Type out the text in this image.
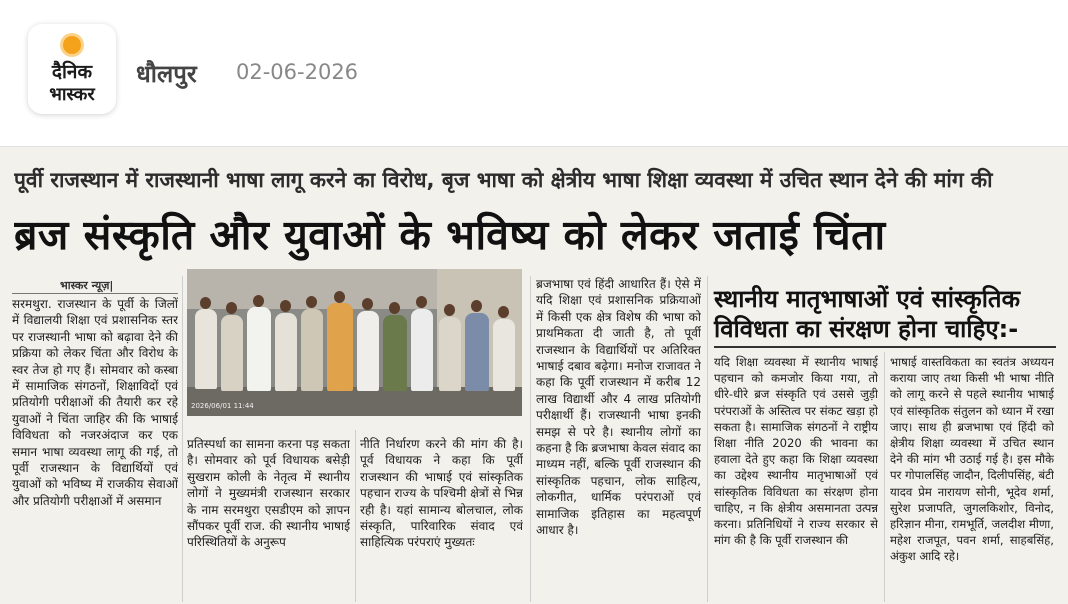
दैनिक
भास्कर
धौलपुर 02-06-2026
पूर्वी राजस्थान में राजस्थानी भाषा लागू करने का विरोध, बृज भाषा को क्षेत्रीय भाषा शिक्षा व्यवस्था में उचित स्थान देने की मांग की
ब्रज संस्कृति और युवाओं के भविष्य को लेकर जताई चिंता
भास्कर न्यूज़|

सरमथुरा. राजस्थान के पूर्वी के जिलों में विद्यालयी शिक्षा एवं प्रशासनिक स्तर पर राजस्थानी भाषा को बढ़ावा देने की प्रक्रिया को लेकर चिंता और विरोध के स्वर तेज हो गए हैं। सोमवार को कस्बा में सामाजिक संगठनों, शिक्षाविदों एवं प्रतियोगी परीक्षाओं की तैयारी कर रहे युवाओं ने चिंता जाहिर की कि भाषाई विविधता को नजरअंदाज कर एक समान भाषा व्यवस्था लागू की गई, तो पूर्वी राजस्थान के विद्यार्थियों एवं युवाओं को भविष्य में राजकीय सेवाओं और प्रतियोगी परीक्षाओं में असमान

2026/06/01 11:44

प्रतिस्पर्धा का सामना करना पड़ सकता है। सोमवार को पूर्व विधायक बसेड़ी सुखराम कोली के नेतृत्व में स्थानीय लोगों ने मुख्यमंत्री राजस्थान सरकार के नाम सरमथुरा एसडीएम को ज्ञापन सौंपकर पूर्वी राज. की स्थानीय भाषाई परिस्थितियों के अनुरूप

नीति निर्धारण करने की मांग की है। पूर्व विधायक ने कहा कि पूर्वी राजस्थान की भाषाई एवं सांस्कृतिक पहचान राज्य के पश्चिमी क्षेत्रों से भिन्न रही है। यहां सामान्य बोलचाल, लोक संस्कृति, पारिवारिक संवाद एवं साहित्यिक परंपराएं मुख्यतः

ब्रजभाषा एवं हिंदी आधारित हैं। ऐसे में यदि शिक्षा एवं प्रशासनिक प्रक्रियाओं में किसी एक क्षेत्र विशेष की भाषा को प्राथमिकता दी जाती है, तो पूर्वी राजस्थान के विद्यार्थियों पर अतिरिक्त भाषाई दबाव बढ़ेगा। मनोज राजावत ने कहा कि पूर्वी राजस्थान में करीब 12 लाख विद्यार्थी और 4 लाख प्रतियोगी परीक्षार्थी हैं। राजस्थानी भाषा इनकी समझ से परे है। स्थानीय लोगों का कहना है कि ब्रजभाषा केवल संवाद का माध्यम नहीं, बल्कि पूर्वी राजस्थान की सांस्कृतिक पहचान, लोक साहित्य, लोकगीत, धार्मिक परंपराओं एवं सामाजिक इतिहास का महत्वपूर्ण आधार है।

स्थानीय मातृभाषाओं एवं सांस्कृतिक विविधता का संरक्षण होना चाहिए:-

यदि शिक्षा व्यवस्था में स्थानीय भाषाई पहचान को कमजोर किया गया, तो धीरे-धीरे ब्रज संस्कृति एवं उससे जुड़ी परंपराओं के अस्तित्व पर संकट खड़ा हो सकता है। सामाजिक संगठनों ने राष्ट्रीय शिक्षा नीति 2020 की भावना का हवाला देते हुए कहा कि शिक्षा व्यवस्था का उद्देश्य स्थानीय मातृभाषाओं एवं सांस्कृतिक विविधता का संरक्षण होना चाहिए, न कि क्षेत्रीय असमानता उत्पन्न करना। प्रतिनिधियों ने राज्य सरकार से मांग की है कि पूर्वी राजस्थान की

भाषाई वास्तविकता का स्वतंत्र अध्ययन कराया जाए तथा किसी भी भाषा नीति को लागू करने से पहले स्थानीय भाषाई एवं सांस्कृतिक संतुलन को ध्यान में रखा जाए। साथ ही ब्रजभाषा एवं हिंदी को क्षेत्रीय शिक्षा व्यवस्था में उचित स्थान देने की मांग भी उठाई गई है। इस मौके पर गोपालसिंह जादौन, दिलीपसिंह, बंटी यादव प्रेम नारायण सोनी, भूदेव शर्मा, सुरेश प्रजापति, जुगलकिशोर, विनोद, हरिज्ञान मीना, रामभूर्ति, जलदीश मीणा, महेश राजपूत, पवन शर्मा, साहबसिंह, अंकुश आदि रहे।
